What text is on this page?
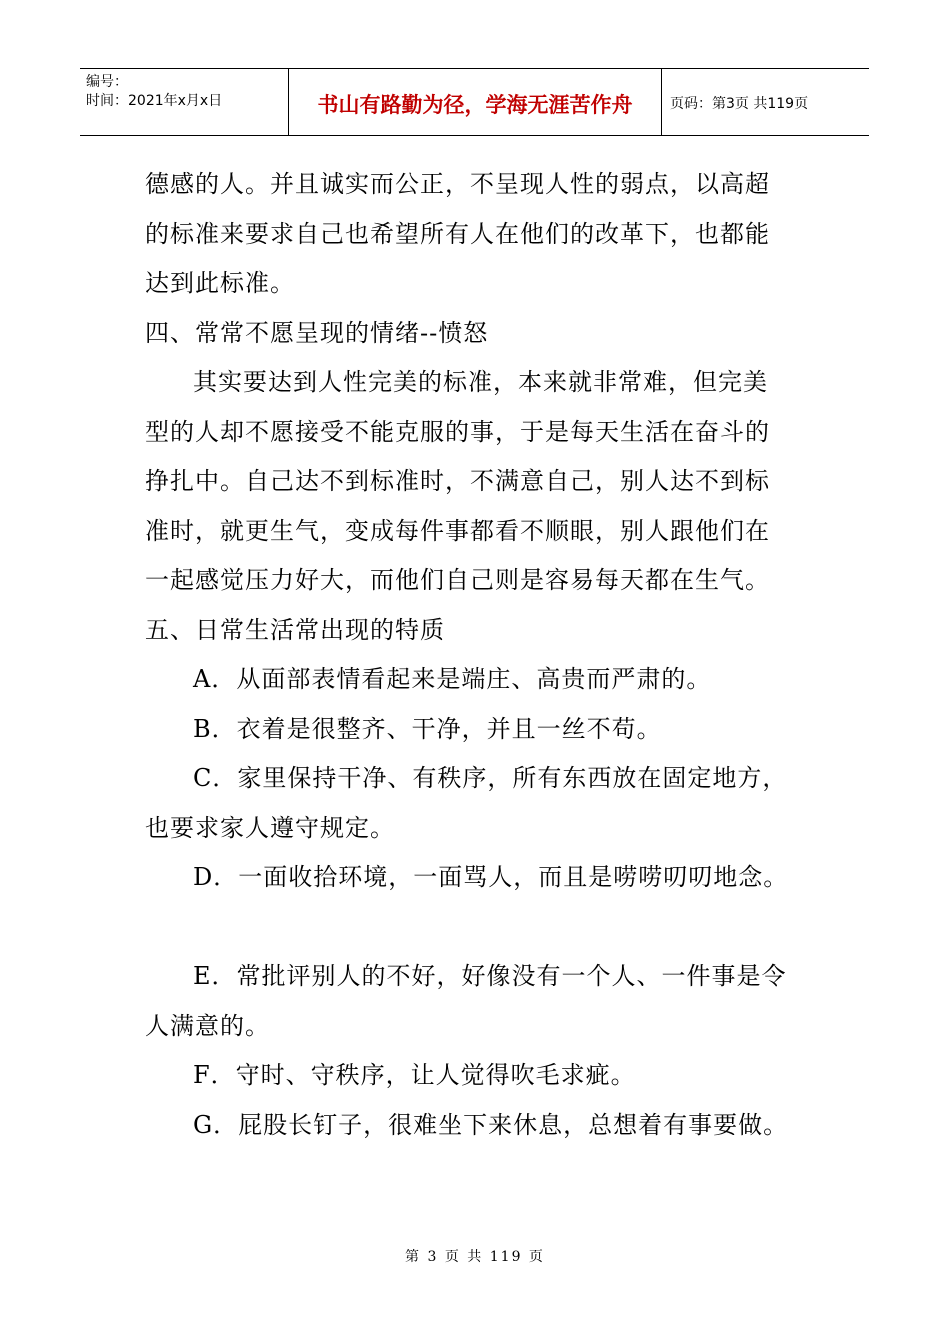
编号：
时间：2021年x月x日	书山有路勤为径，学海无涯苦作舟	页码：第3页 共119页

德感的人。并且诚实而公正，不呈现人性的弱点，以高超

的标准来要求自己也希望所有人在他们的改革下，也都能

达到此标准。

四、常常不愿呈现的情绪--愤怒

其实要达到人性完美的标准，本来就非常难，但完美

型的人却不愿接受不能克服的事，于是每天生活在奋斗的

挣扎中。自己达不到标准时，不满意自己，别人达不到标

准时，就更生气，变成每件事都看不顺眼，别人跟他们在

一起感觉压力好大，而他们自己则是容易每天都在生气。

五、日常生活常出现的特质

A．从面部表情看起来是端庄、高贵而严肃的。

B．衣着是很整齐、干净，并且一丝不苟。

C．家里保持干净、有秩序，所有东西放在固定地方，

也要求家人遵守规定。

D．一面收拾环境，一面骂人，而且是唠唠叨叨地念。

E．常批评别人的不好，好像没有一个人、一件事是令

人满意的。

F．守时、守秩序，让人觉得吹毛求疵。

G．屁股长钉子，很难坐下来休息，总想着有事要做。

第 3 页 共 119 页
